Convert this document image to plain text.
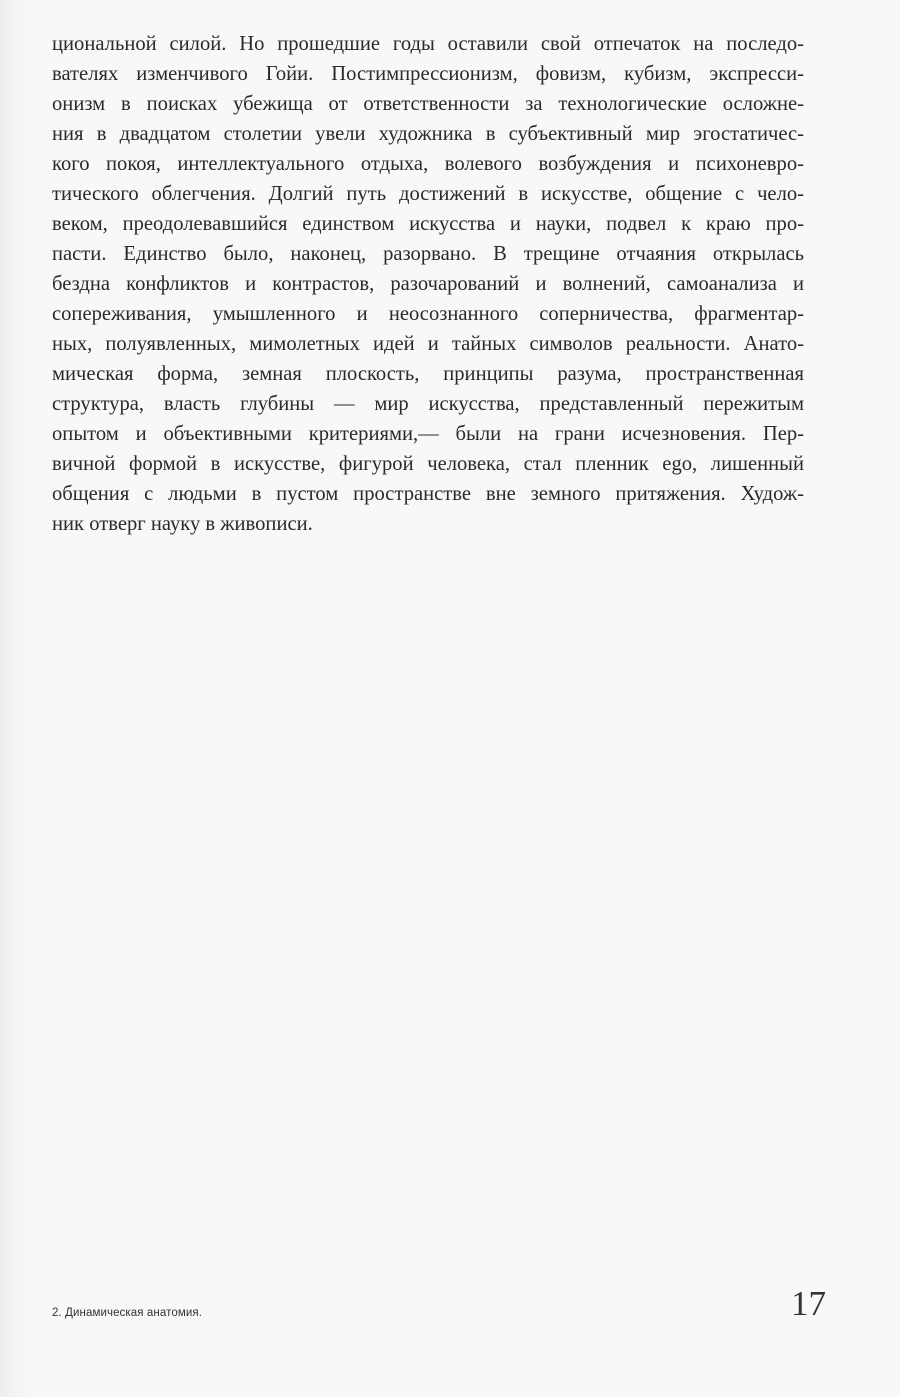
циональной силой. Но прошедшие годы оставили свой отпечаток на последо-
вателях изменчивого Гойи. Постимпрессионизм, фовизм, кубизм, экспресси-
онизм в поисках убежища от ответственности за технологические осложне-
ния в двадцатом столетии увели художника в субъективный мир эгостатичес-
кого покоя, интеллектуального отдыха, волевого возбуждения и психоневро-
тического облегчения. Долгий путь достижений в искусстве, общение с чело-
веком, преодолевавшийся единством искусства и науки, подвел к краю про-
пасти. Единство было, наконец, разорвано. В трещине отчаяния открылась
бездна конфликтов и контрастов, разочарований и волнений, самоанализа и
сопереживания, умышленного и неосознанного соперничества, фрагментар-
ных, полуявленных, мимолетных идей и тайных символов реальности. Анато-
мическая форма, земная плоскость, принципы разума, пространственная
структура, власть глубины — мир искусства, представленный пережитым
опытом и объективными критериями,— были на грани исчезновения. Пер-
вичной формой в искусстве, фигурой человека, стал пленник ego, лишенный
общения с людьми в пустом пространстве вне земного притяжения. Худож-
ник отверг науку в живописи.
2. Динамическая анатомия.	17
